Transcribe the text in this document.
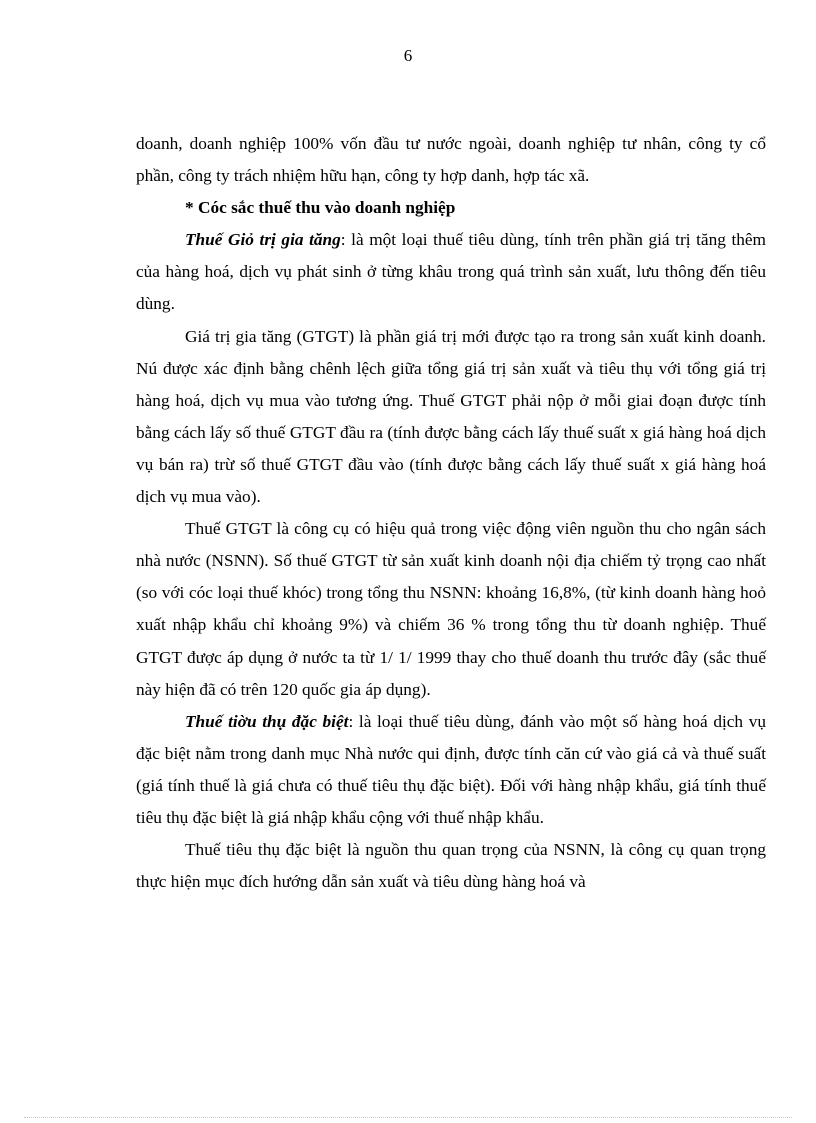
6

doanh, doanh nghiệp 100% vốn đầu tư nước ngoài, doanh nghiệp tư nhân, công ty cổ phần, công ty trách nhiệm hữu hạn, công ty hợp danh, hợp tác xã.

* Cóc sắc thuế thu vào doanh nghiệp

Thuế Giỏ trị gia tăng: là một loại thuế tiêu dùng, tính trên phần giá trị tăng thêm của hàng hoá, dịch vụ phát sinh ở từng khâu trong quá trình sản xuất, lưu thông đến tiêu dùng.

Giá trị gia tăng (GTGT) là phần giá trị mới được tạo ra trong sản xuất kinh doanh. Nú được xác định bằng chênh lệch giữa tổng giá trị sản xuất và tiêu thụ với tổng giá trị hàng hoá, dịch vụ mua vào tương ứng. Thuế GTGT phải nộp ở mỗi giai đoạn được tính bằng cách lấy số thuế GTGT đầu ra (tính được bằng cách lấy thuế suất x giá hàng hoá dịch vụ bán ra) trừ số thuế GTGT đầu vào (tính được bằng cách lấy thuế suất x giá hàng hoá dịch vụ mua vào).

Thuế GTGT là công cụ có hiệu quả trong việc động viên nguồn thu cho ngân sách nhà nước (NSNN). Số thuế GTGT từ sản xuất kinh doanh nội địa chiếm tỷ trọng cao nhất (so với cóc loại thuế khóc) trong tổng thu NSNN: khoảng 16,8%, (từ kinh doanh hàng hoỏ xuất nhập khẩu chỉ khoảng 9%) và chiếm 36 % trong tổng thu từ doanh nghiệp. Thuế GTGT được áp dụng ở nước ta từ 1/ 1/ 1999 thay cho thuế doanh thu trước đây (sắc thuế này hiện đã có trên 120 quốc gia áp dụng).

Thuế tiờu thụ đặc biệt: là loại thuế tiêu dùng, đánh vào một số hàng hoá dịch vụ đặc biệt nằm trong danh mục Nhà nước qui định, được tính căn cứ vào giá cả và thuế suất (giá tính thuế là giá chưa có thuế tiêu thụ đặc biệt). Đối với hàng nhập khẩu, giá tính thuế tiêu thụ đặc biệt là giá nhập khẩu cộng với thuế nhập khẩu.

Thuế tiêu thụ đặc biệt là nguồn thu quan trọng của NSNN, là công cụ quan trọng thực hiện mục đích hướng dẫn sản xuất và tiêu dùng hàng hoá và
